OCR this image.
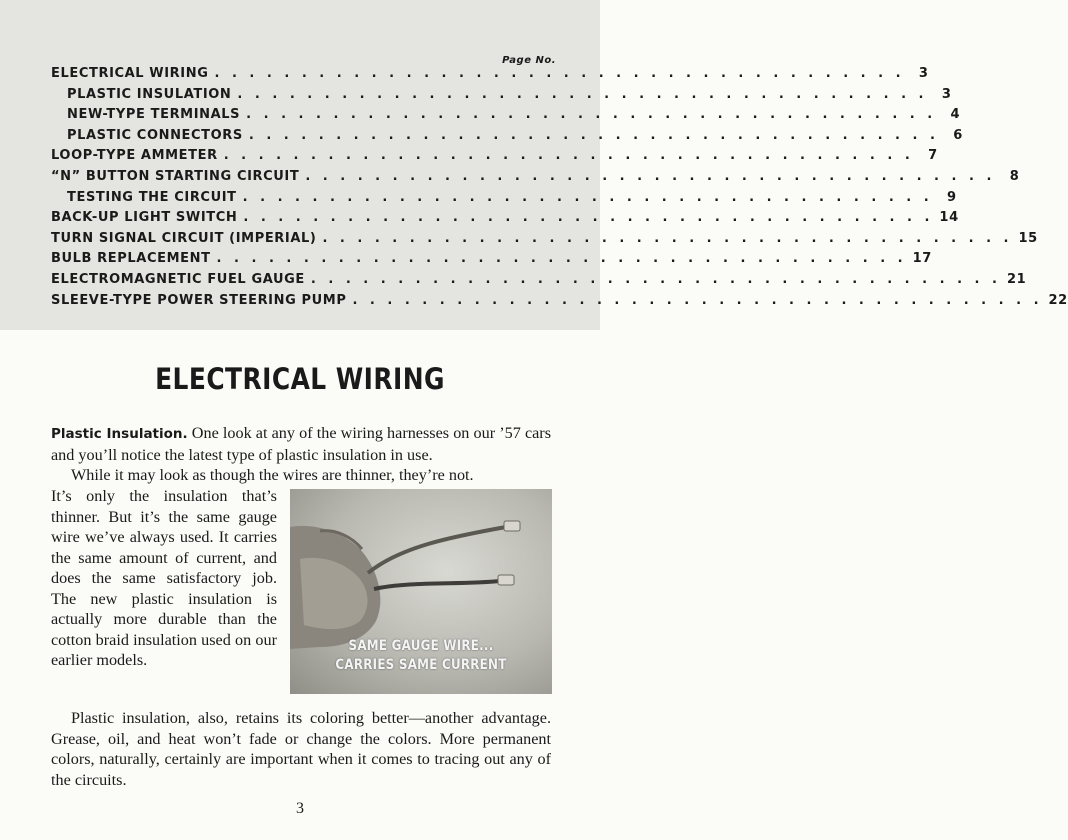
Page No.
ELECTRICAL WIRING . . . . . . . . . . . . . . . . . . . . . . . . . . . . . . . . . . . . . . . .	3
PLASTIC INSULATION . . . . . . . . . . . . . . . . . . . . . . . . . . . . . . . . . . . . . . . .	3
NEW-TYPE TERMINALS . . . . . . . . . . . . . . . . . . . . . . . . . . . . . . . . . . . . . . . .	4
PLASTIC CONNECTORS . . . . . . . . . . . . . . . . . . . . . . . . . . . . . . . . . . . . . . . .	6
LOOP-TYPE AMMETER . . . . . . . . . . . . . . . . . . . . . . . . . . . . . . . . . . . . . . . .	7
“N” BUTTON STARTING CIRCUIT . . . . . . . . . . . . . . . . . . . . . . . . . . . . . . . . . . . . . . . .	8
TESTING THE CIRCUIT . . . . . . . . . . . . . . . . . . . . . . . . . . . . . . . . . . . . . . . .	9
BACK-UP LIGHT SWITCH . . . . . . . . . . . . . . . . . . . . . . . . . . . . . . . . . . . . . . . . 14
TURN SIGNAL CIRCUIT (IMPERIAL) . . . . . . . . . . . . . . . . . . . . . . . . . . . . . . . . . . . . . . . . 15
BULB REPLACEMENT . . . . . . . . . . . . . . . . . . . . . . . . . . . . . . . . . . . . . . . . 17
ELECTROMAGNETIC FUEL GAUGE . . . . . . . . . . . . . . . . . . . . . . . . . . . . . . . . . . . . . . . . 21
SLEEVE-TYPE POWER STEERING PUMP . . . . . . . . . . . . . . . . . . . . . . . . . . . . . . . . . . . . . . . . 22
ELECTRICAL WIRING
Plastic Insulation. One look at any of the wiring harnesses on our ’57 cars and you’ll notice the latest type of plastic insulation in use.
While it may look as though the wires are thinner, they’re not.
It’s only the insulation that’s thinner. But it’s the same gauge wire we’ve always used. It carries the same amount of current, and does the same satisfactory job. The new plastic insulation is actually more durable than the cotton braid insulation used on our earlier models.
SAME GAUGE WIRE...
CARRIES SAME CURRENT
Plastic insulation, also, retains its coloring better—another advantage. Grease, oil, and heat won’t fade or change the colors. More permanent colors, naturally, certainly are important when it comes to tracing out any of the circuits.
3
